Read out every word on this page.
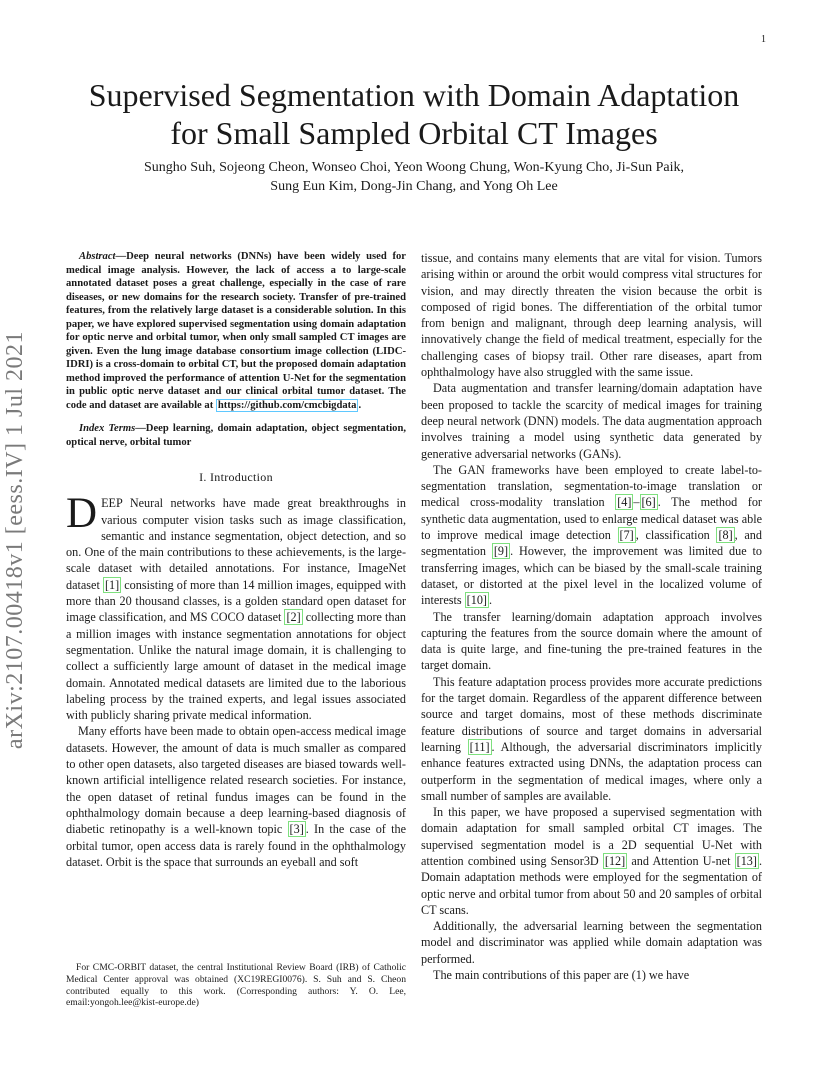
1
arXiv:2107.00418v1 [eess.IV] 1 Jul 2021
Supervised Segmentation with Domain Adaptation
for Small Sampled Orbital CT Images
Sungho Suh, Sojeong Cheon, Wonseo Choi, Yeon Woong Chung, Won-Kyung Cho, Ji-Sun Paik,
Sung Eun Kim, Dong-Jin Chang, and Yong Oh Lee

Abstract—Deep neural networks (DNNs) have been widely used for medical image analysis. However, the lack of access a to large-scale annotated dataset poses a great challenge, especially in the case of rare diseases, or new domains for the research society. Transfer of pre-trained features, from the relatively large dataset is a considerable solution. In this paper, we have explored supervised segmentation using domain adaptation for optic nerve and orbital tumor, when only small sampled CT images are given. Even the lung image database consortium image collection (LIDC-IDRI) is a cross-domain to orbital CT, but the proposed domain adaptation method improved the performance of attention U-Net for the segmentation in public optic nerve dataset and our clinical orbital tumor dataset. The code and dataset are available at https://github.com/cmcbigdata .

Index Terms—Deep learning, domain adaptation, object segmentation, optical nerve, orbital tumor

I. Introduction

DEEP Neural networks have made great breakthroughs in various computer vision tasks such as image classification, semantic and instance segmentation, object detection, and so on. One of the main contributions to these achievements, is the large-scale dataset with detailed annotations. For instance, ImageNet dataset [1] consisting of more than 14 million images, equipped with more than 20 thousand classes, is a golden standard open dataset for image classification, and MS COCO dataset [2] collecting more than a million images with instance segmentation annotations for object segmentation. Unlike the natural image domain, it is challenging to collect a sufficiently large amount of dataset in the medical image domain. Annotated medical datasets are limited due to the laborious labeling process by the trained experts, and legal issues associated with publicly sharing private medical information.

Many efforts have been made to obtain open-access medical image datasets. However, the amount of data is much smaller as compared to other open datasets, also targeted diseases are biased towards well-known artificial intelligence related research societies. For instance, the open dataset of retinal fundus images can be found in the ophthalmology domain because a deep learning-based diagnosis of diabetic retinopathy is a well-known topic [3] . In the case of the orbital tumor, open access data is rarely found in the ophthalmology dataset. Orbit is the space that surrounds an eyeball and soft

For CMC-ORBIT dataset, the central Institutional Review Board (IRB) of Catholic Medical Center approval was obtained (XC19REGI0076). S. Suh and S. Cheon contributed equally to this work. (Corresponding authors: Y. O. Lee, email:yongoh.lee@kist-europe.de)

tissue, and contains many elements that are vital for vision. Tumors arising within or around the orbit would compress vital structures for vision, and may directly threaten the vision because the orbit is composed of rigid bones. The differentiation of the orbital tumor from benign and malignant, through deep learning analysis, will innovatively change the field of medical treatment, especially for the challenging cases of biopsy trail. Other rare diseases, apart from ophthalmology have also struggled with the same issue.

Data augmentation and transfer learning/domain adaptation have been proposed to tackle the scarcity of medical images for training deep neural network (DNN) models. The data augmentation approach involves training a model using synthetic data generated by generative adversarial networks (GANs).

The GAN frameworks have been employed to create label-to-segmentation translation, segmentation-to-image translation or medical cross-modality translation [4] – [6] . The method for synthetic data augmentation, used to enlarge medical dataset was able to improve medical image detection [7] , classification [8] , and segmentation [9] . However, the improvement was limited due to transferring images, which can be biased by the small-scale training dataset, or distorted at the pixel level in the localized volume of interests [10] .

The transfer learning/domain adaptation approach involves capturing the features from the source domain where the amount of data is quite large, and fine-tuning the pre-trained features in the target domain.

This feature adaptation process provides more accurate predictions for the target domain. Regardless of the apparent difference between source and target domains, most of these methods discriminate feature distributions of source and target domains in adversarial learning [11] . Although, the adversarial discriminators implicitly enhance features extracted using DNNs, the adaptation process can outperform in the segmentation of medical images, where only a small number of samples are available.

In this paper, we have proposed a supervised segmentation with domain adaptation for small sampled orbital CT images. The supervised segmentation model is a 2D sequential U-Net with attention combined using Sensor3D [12] and Attention U-net [13] . Domain adaptation methods were employed for the segmentation of optic nerve and orbital tumor from about 50 and 20 samples of orbital CT scans.

Additionally, the adversarial learning between the segmentation model and discriminator was applied while domain adaptation was performed.

The main contributions of this paper are (1) we have
